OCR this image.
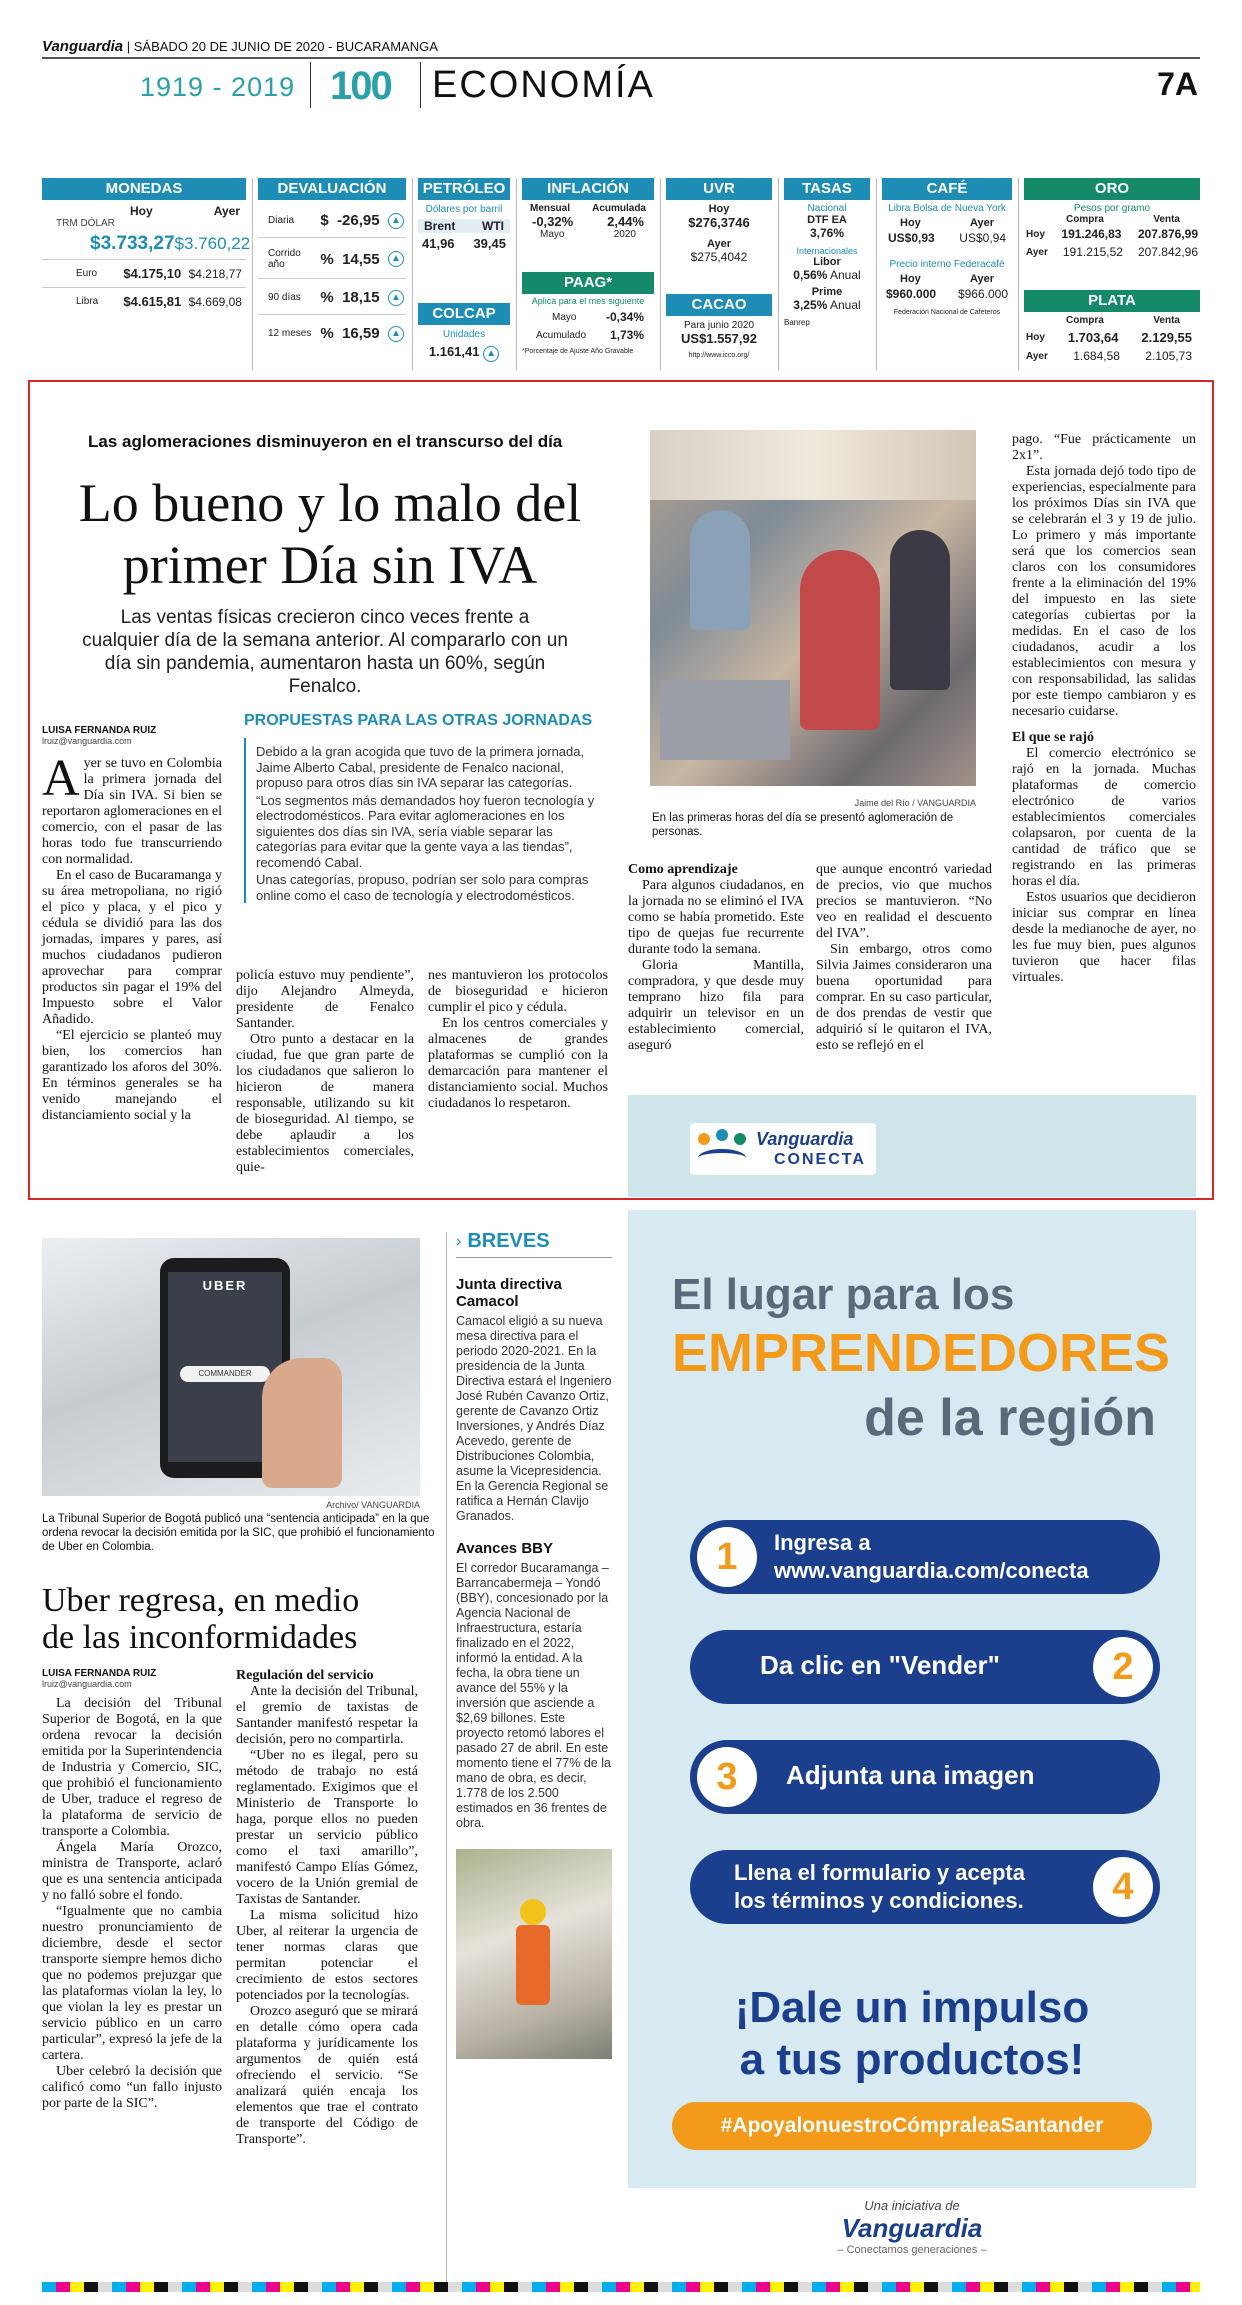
Vanguardia | SÁBADO 20 DE JUNIO DE 2020 - BUCARAMANGA
1919 - 2019 100 ECONOMÍA	7A
MONEDAS
Hoy	Ayer
TRM DÓLAR
$3.733,27 $3.760,22
Euro	$4.175,10 $4.218,77
Libra	$4.615,81 $4.669,08
DEVALUACIÓN
Diaria	$ -26,95	▲
Corrido año	% 14,55	▲
90 días	% 18,15	▲
12 meses % 16,59	▲
PETRÓLEO
Dólares por barril
Brent WTI
41,96 39,45
COLCAP
Unidades
1.161,41 ▲
INFLACIÓN
Mensual Acumulada
-0,32%	2,44%
Mayo	2020
PAAG*
Aplica para el mes siguiente
Mayo -0,34%
Acumulado 1,73%
*Porcentaje de Ajuste Año Gravable
UVR
Hoy
$276,3746
Ayer
$275,4042
CACAO
Para junio 2020
US$1.557,92
http://www.icco.org/
TASAS
Nacional
DTF EA
3,76%
Internacionales
Libor
0,56% Anual
Prime
3,25% Anual
Banrep
CAFÉ
Libra Bolsa de Nueva York
Hoy	Ayer
US$0,93 US$0,94
Precio interno Federacafé
Hoy	Ayer
$960.000 $966.000
Federación Nacional de Cafeteros
ORO
Pesos por gramo
Compra	Venta
Hoy 191.246,83 207.876,99
Ayer 191.215,52 207.842,96
PLATA
Compra	Venta
Hoy 1.703,64 2.129,55
Ayer 1.684,58 2.105,73
Las aglomeraciones disminuyeron en el transcurso del día
Lo bueno y lo malo del
primer Día sin IVA
Las ventas físicas crecieron cinco veces frente a cualquier día de la semana anterior. Al compararlo con un día sin pandemia, aumentaron hasta un 60%, según Fenalco.
LUISA FERNANDA RUIZ
lruiz@vanguardia.com
A yer se tuvo en Colombia la primera jornada del Día sin IVA. Si bien se reportaron aglomeraciones en el comercio, con el pasar de las horas todo fue transcurriendo con normalidad.

En el caso de Bucaramanga y su área metropoliana, no rigió el pico y placa, y el pico y cédula se dividió para las dos jornadas, impares y pares, así muchos ciudadanos pudieron aprovechar para comprar productos sin pagar el 19% del Impuesto sobre el Valor Añadido.

“El ejercicio se planteó muy bien, los comercios han garantizado los aforos del 30%. En términos generales se ha venido manejando el distanciamiento social y la

PROPUESTAS PARA LAS OTRAS JORNADAS

Debido a la gran acogida que tuvo de la primera jornada, Jaime Alberto Cabal, presidente de Fenalco nacional, propuso para otros días sin IVA separar las categorías.

“Los segmentos más demandados hoy fueron tecnología y electrodomésticos. Para evitar aglomeraciones en los siguientes dos días sin IVA, sería viable separar las categorías para evitar que la gente vaya a las tiendas”, recomendó Cabal.

Unas categorías, propuso, podrían ser solo para compras online como el caso de tecnología y electrodomésticos.

policía estuvo muy pendiente”, dijo Alejandro Almeyda, presidente de Fenalco Santander.

Otro punto a destacar en la ciudad, fue que gran parte de los ciudadanos que salieron lo hicieron de manera responsable, utilizando su kit de bioseguridad. Al tiempo, se debe aplaudir a los establecimientos comerciales, quie-

nes mantuvieron los protocolos de bioseguridad e hicieron cumplir el pico y cédula.

En los centros comerciales y almacenes de grandes plataformas se cumplió con la demarcación para mantener el distanciamiento social. Muchos ciudadanos lo respetaron.

Jaime del Río / VANGUARDIA
En las primeras horas del día se presentó aglomeración de personas.
Como aprendizaje

Para algunos ciudadanos, en la jornada no se eliminó el IVA como se había prometido. Este tipo de quejas fue recurrente durante todo la semana.

Gloria Mantilla, compradora, y que desde muy temprano hizo fila para adquirir un televisor en un establecimiento comercial, aseguró

que aunque encontró variedad de precios, vio que muchos precios se mantuvieron. “No veo en realidad el descuento del IVA”.

Sin embargo, otros como Silvia Jaimes consideraron una buena oportunidad para comprar. En su caso particular, de dos prendas de vestir que adquirió sí le quitaron el IVA, esto se reflejó en el

pago. “Fue prácticamente un 2x1”.

Esta jornada dejó todo tipo de experiencias, especialmente para los próximos Días sin IVA que se celebrarán el 3 y 19 de julio. Lo primero y más importante será que los comercios sean claros con los consumidores frente a la eliminación del 19% del impuesto en las siete categorías cubiertas por la medidas. En el caso de los ciudadanos, acudir a los establecimientos con mesura y con responsabilidad, las salidas por este tiempo cambiaron y es necesario cuidarse.

El que se rajó

El comercio electrónico se rajó en la jornada. Muchas plataformas de comercio electrónico de varios establecimientos comerciales colapsaron, por cuenta de la cantidad de tráfico que se registrando en las primeras horas el día.

Estos usuarios que decidieron iniciar sus comprar en línea desde la medianoche de ayer, no les fue muy bien, pues algunos tuvieron que hacer filas virtuales.

Vanguardia
CONECTA
El lugar para los
EMPRENDEDORES
de la región
1	Ingresa a
www.vanguardia.com/conecta
Da clic en "Vender"	2
3	Adjunta una imagen
Llena el formulario y acepta
los términos y condiciones.	4
¡Dale un impulso
a tus productos!
#ApoyalonuestroCómpraleaSantander
Una iniciativa de
Vanguardia
– Conectamos generaciones –
UBER
COMMANDER
Archivo/ VANGUARDIA
La Tribunal Superior de Bogotá publicó una “sentencia anticipada” en la que ordena revocar la decisión emitida por la SIC, que prohibió el funcionamiento de Uber en Colombia.
Uber regresa, en medio
de las inconformidades
LUISA FERNANDA RUIZ
lruiz@vanguardia.com

La decisión del Tribunal Superior de Bogotá, en la que ordena revocar la decisión emitida por la Superintendencia de Industria y Comercio, SIC, que prohibió el funcionamiento de Uber, traduce el regreso de la plataforma de servicio de transporte a Colombia.

Ángela María Orozco, ministra de Transporte, aclaró que es una sentencia anticipada y no falló sobre el fondo.

“Igualmente que no cambia nuestro pronunciamiento de diciembre, desde el sector transporte siempre hemos dicho que no podemos prejuzgar que las plataformas violan la ley, lo que violan la ley es prestar un servicio público en un carro particular”, expresó la jefe de la cartera.

Uber celebró la decisión que calificó como “un fallo injusto por parte de la SIC”.

Regulación del servicio

Ante la decisión del Tribunal, el gremio de taxistas de Santander manifestó respetar la decisión, pero no compartirla.

“Uber no es ilegal, pero su método de trabajo no está reglamentado. Exigimos que el Ministerio de Transporte lo haga, porque ellos no pueden prestar un servicio público como el taxi amarillo”, manifestó Campo Elías Gómez, vocero de la Unión gremial de Taxistas de Santander.

La misma solicitud hizo Uber, al reiterar la urgencia de tener normas claras que permitan potenciar el crecimiento de estos sectores potenciados por la tecnologías.

Orozco aseguró que se mirará en detalle cómo opera cada plataforma y jurídicamente los argumentos de quién está ofreciendo el servicio. “Se analizará quién encaja los elementos que trae el contrato de transporte del Código de Transporte”.

› BREVES
Junta directiva Camacol
Camacol eligió a su nueva mesa directiva para el periodo 2020-2021. En la presidencia de la Junta Directiva estará el Ingeniero José Rubén Cavanzo Ortiz, gerente de Cavanzo Ortiz Inversiones, y Andrés Díaz Acevedo, gerente de Distribuciones Colombia, asume la Vicepresidencia. En la Gerencia Regional se ratifica a Hernán Clavijo Granados.
Avances BBY
El corredor Bucaramanga – Barrancabermeja – Yondó (BBY), concesionado por la Agencia Nacional de Infraestructura, estaría finalizado en el 2022, informó la entidad. A la fecha, la obra tiene un avance del 55% y la inversión que asciende a $2,69 billones. Este proyecto retomó labores el pasado 27 de abril. En este momento tiene el 77% de la mano de obra, es decir, 1.778 de los 2.500 estimados en 36 frentes de obra.
